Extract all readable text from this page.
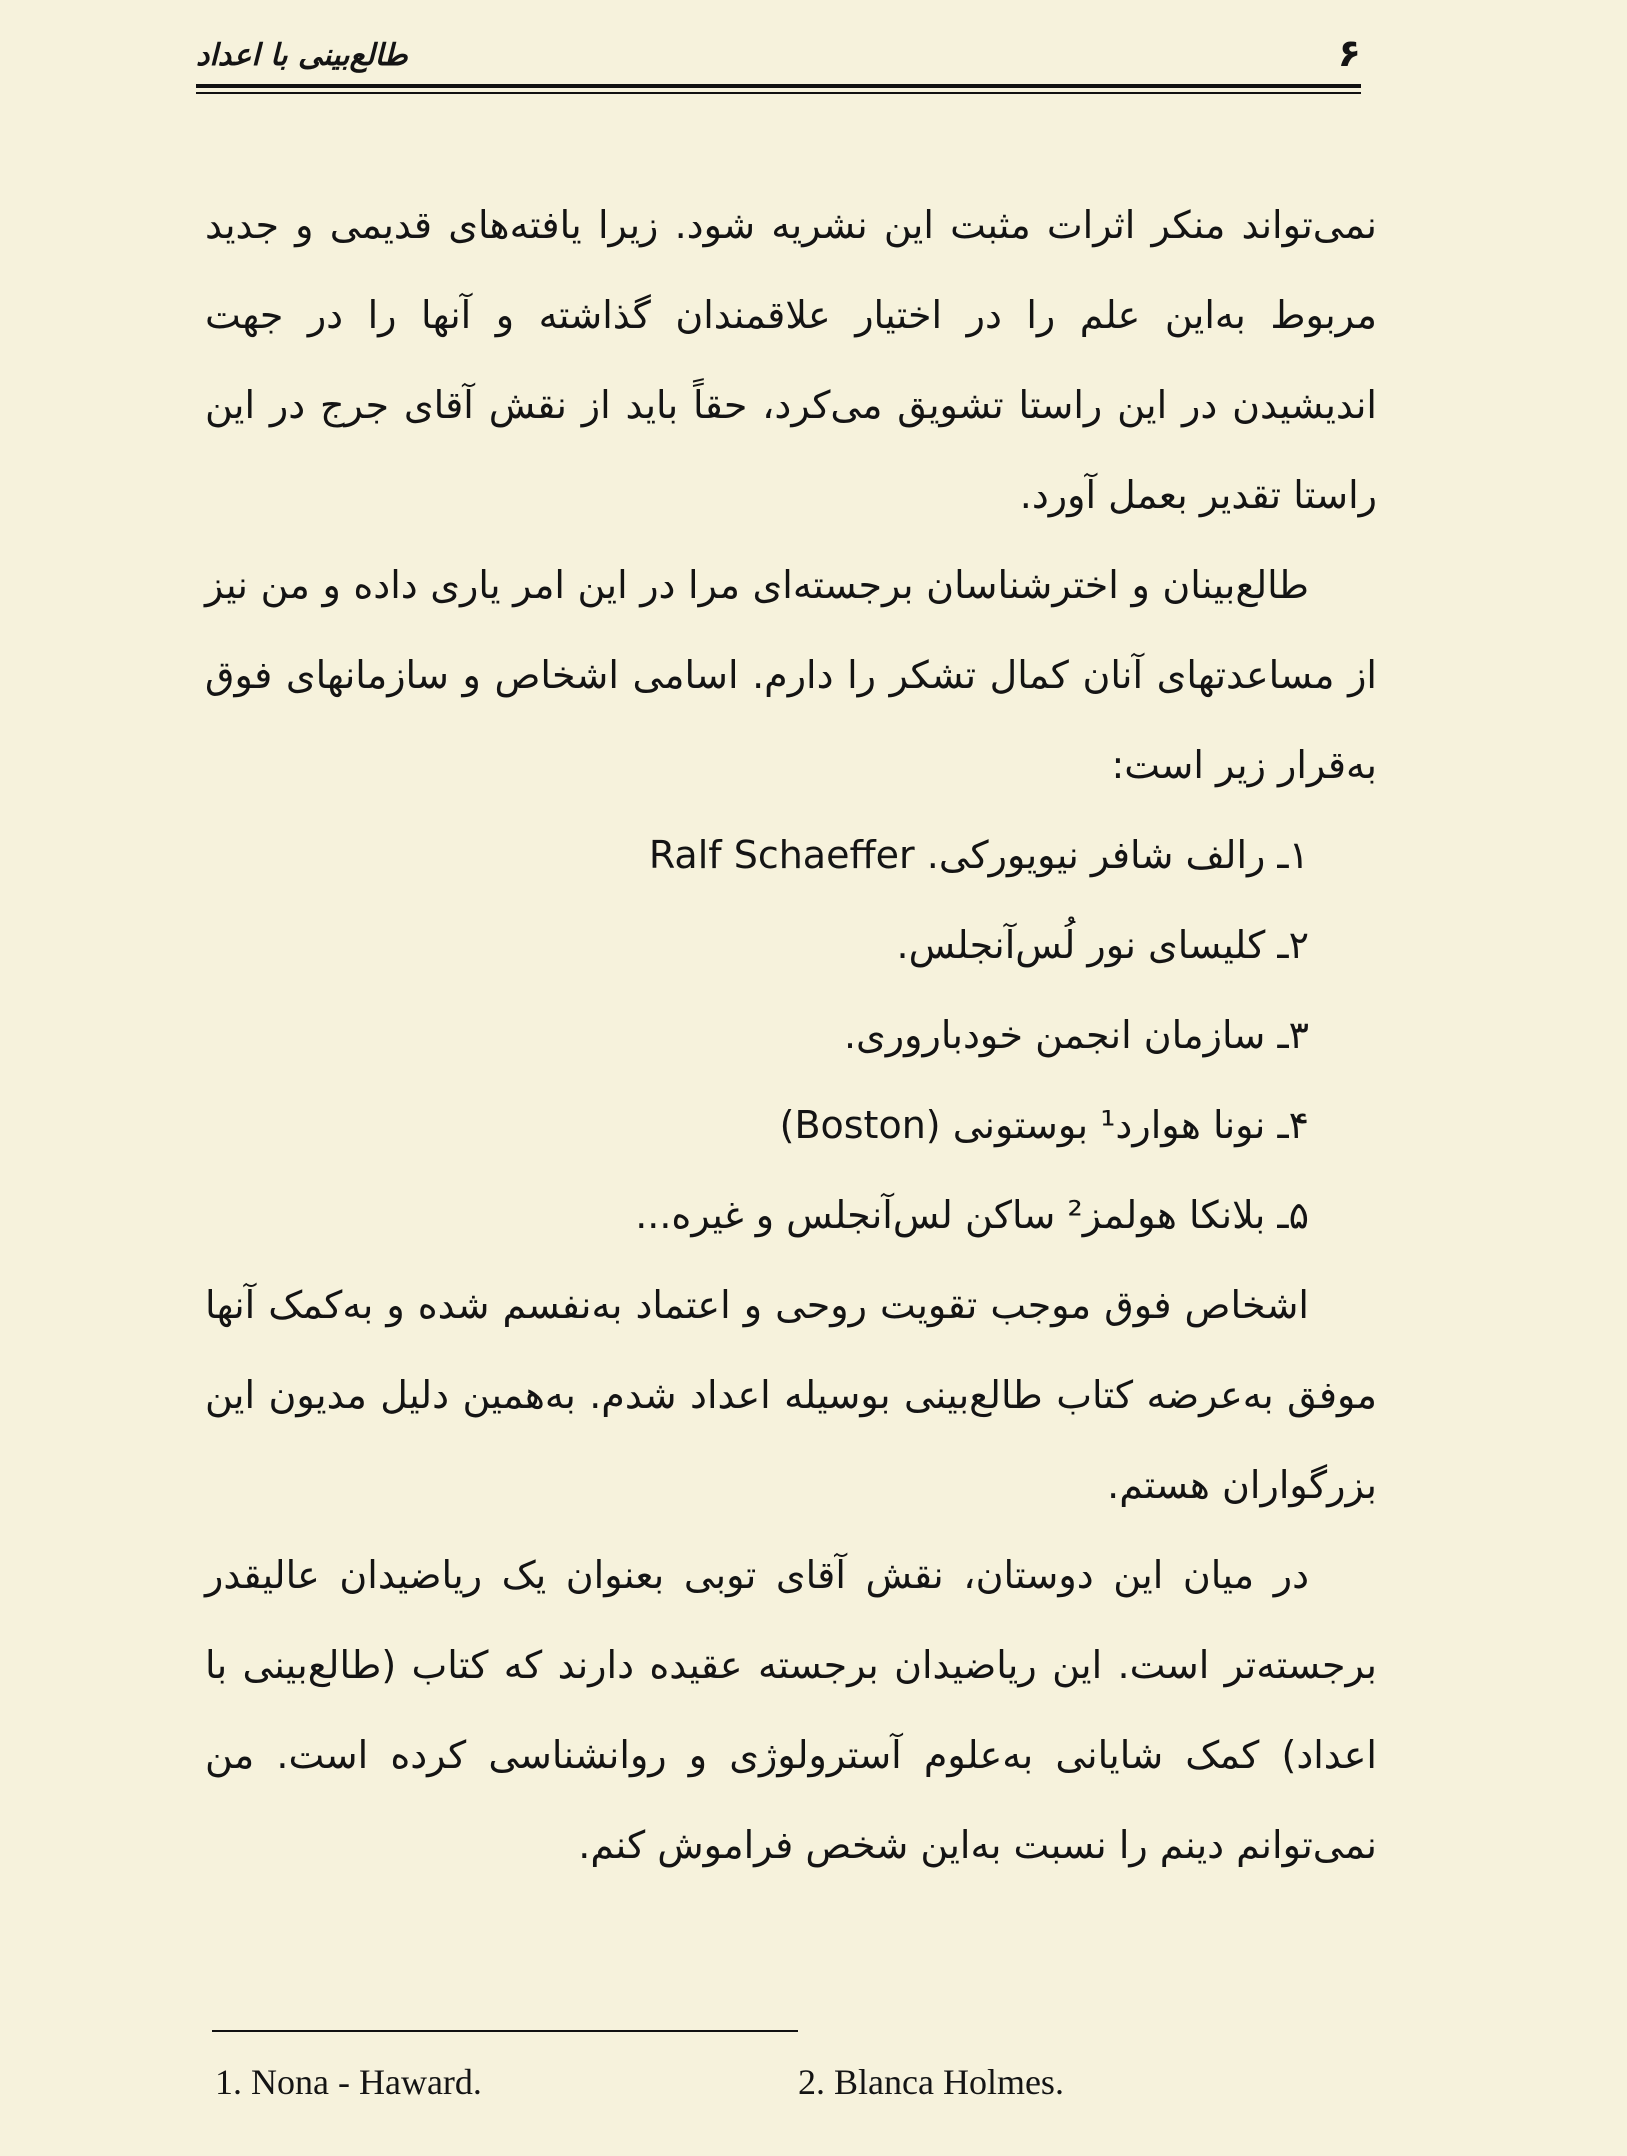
۶
طالع‌بینی با اعداد

نمی‌تواند منکر اثرات مثبت این نشریه شود. زیرا یافته‌های قدیمی و جدید مربوط به‌این علم را در اختیار علاقمندان گذاشته و آنها را در جهت اندیشیدن در این راستا تشویق می‌کرد، حقاً باید از نقش آقای جرج در این راستا تقدیر بعمل آورد.

طالع‌بینان و اخترشناسان برجسته‌ای مرا در این امر یاری داده و من نیز از مساعدتهای آنان کمال تشکر را دارم. اسامی اشخاص و سازمانهای فوق به‌قرار زیر است:

۱ـ رالف شافر نیویورکی. Ralf Schaeffer

۲ـ کلیسای نور لُس‌آنجلس.

۳ـ سازمان انجمن خودباروری.

۴ـ نونا هوارد¹ بوستونی (Boston)

۵ـ بلانکا هولمز² ساکن لس‌آنجلس و غیره...

اشخاص فوق موجب تقویت روحی و اعتماد به‌نفسم شده و به‌کمک آنها موفق به‌عرضه کتاب طالع‌بینی بوسیله اعداد شدم. به‌همین دلیل مدیون این بزرگواران هستم.

در میان این دوستان، نقش آقای توبی بعنوان یک ریاضیدان عالیقدر برجسته‌تر است. این ریاضیدان برجسته عقیده دارند که کتاب (طالع‌بینی با اعداد) کمک شایانی به‌علوم آسترولوژی و روانشناسی کرده است. من نمی‌توانم دینم را نسبت به‌این شخص فراموش کنم.

1. Nona - Haward.	2. Blanca Holmes.
